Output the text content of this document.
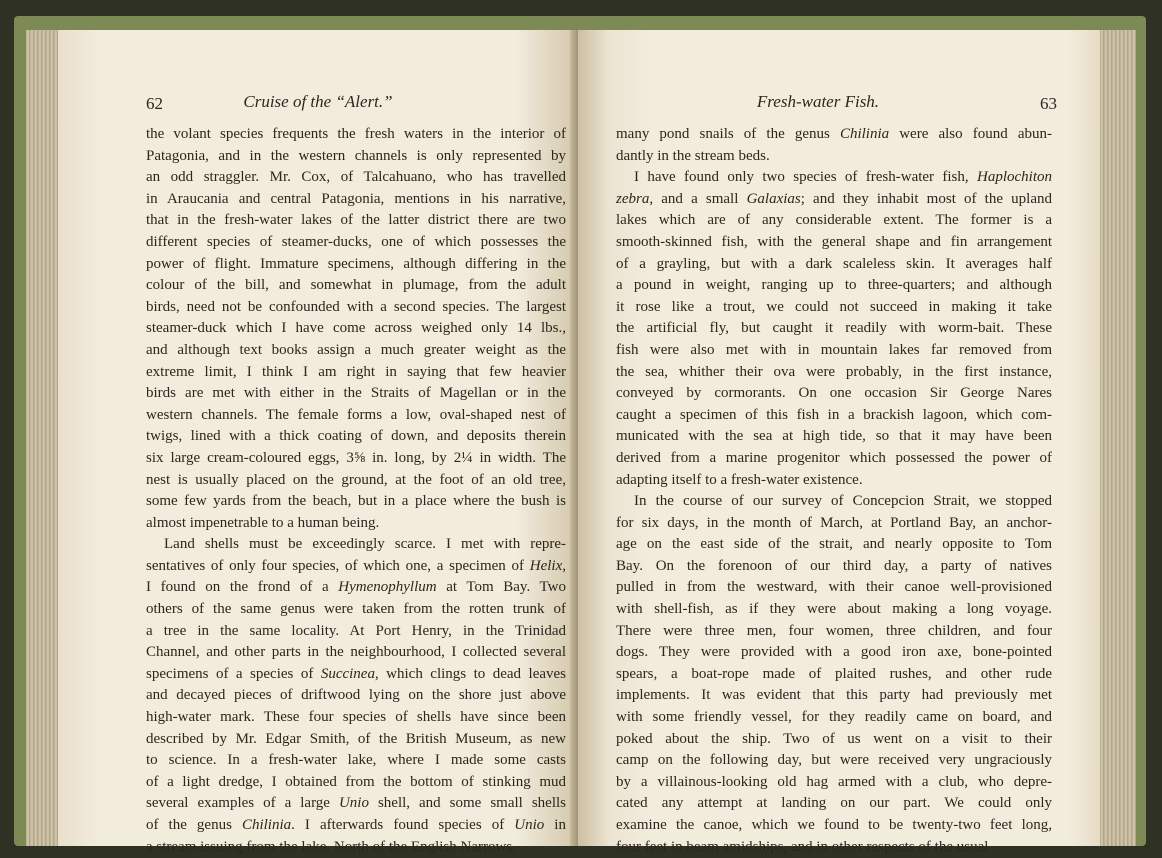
62	Cruise of the “Alert.”
the volant species frequents the fresh waters in the interior of
Patagonia, and in the western channels is only represented by
an odd straggler. Mr. Cox, of Talcahuano, who has travelled
in Araucania and central Patagonia, mentions in his narrative,
that in the fresh-water lakes of the latter district there are two
different species of steamer-ducks, one of which possesses the
power of flight. Immature specimens, although differing in the
colour of the bill, and somewhat in plumage, from the adult
birds, need not be confounded with a second species. The largest
steamer-duck which I have come across weighed only 14 lbs.,
and although text books assign a much greater weight as the
extreme limit, I think I am right in saying that few heavier
birds are met with either in the Straits of Magellan or in the
western channels. The female forms a low, oval-shaped nest of
twigs, lined with a thick coating of down, and deposits therein
six large cream-coloured eggs, 3⅝ in. long, by 2¼ in width. The
nest is usually placed on the ground, at the foot of an old tree,
some few yards from the beach, but in a place where the bush is
almost impenetrable to a human being.
Land shells must be exceedingly scarce. I met with repre-
sentatives of only four species, of which one, a specimen of Helix,
I found on the frond of a Hymenophyllum at Tom Bay. Two
others of the same genus were taken from the rotten trunk of
a tree in the same locality. At Port Henry, in the Trinidad
Channel, and other parts in the neighbourhood, I collected several
specimens of a species of Succinea, which clings to dead leaves
and decayed pieces of driftwood lying on the shore just above
high-water mark. These four species of shells have since been
described by Mr. Edgar Smith, of the British Museum, as new
to science. In a fresh-water lake, where I made some casts
of a light dredge, I obtained from the bottom of stinking mud
several examples of a large Unio shell, and some small shells
of the genus Chilinia. I afterwards found species of Unio in
a stream issuing from the lake. North of the English Narrows,
Fresh-water Fish.	63
many pond snails of the genus Chilinia were also found abun-
dantly in the stream beds.
I have found only two species of fresh-water fish, Haplochiton
zebra, and a small Galaxias; and they inhabit most of the upland
lakes which are of any considerable extent. The former is a
smooth-skinned fish, with the general shape and fin arrangement
of a grayling, but with a dark scaleless skin. It averages half
a pound in weight, ranging up to three-quarters; and although
it rose like a trout, we could not succeed in making it take
the artificial fly, but caught it readily with worm-bait. These
fish were also met with in mountain lakes far removed from
the sea, whither their ova were probably, in the first instance,
conveyed by cormorants. On one occasion Sir George Nares
caught a specimen of this fish in a brackish lagoon, which com-
municated with the sea at high tide, so that it may have been
derived from a marine progenitor which possessed the power of
adapting itself to a fresh-water existence.
In the course of our survey of Concepcion Strait, we stopped
for six days, in the month of March, at Portland Bay, an anchor-
age on the east side of the strait, and nearly opposite to Tom
Bay. On the forenoon of our third day, a party of natives
pulled in from the westward, with their canoe well-provisioned
with shell-fish, as if they were about making a long voyage.
There were three men, four women, three children, and four
dogs. They were provided with a good iron axe, bone-pointed
spears, a boat-rope made of plaited rushes, and other rude
implements. It was evident that this party had previously met
with some friendly vessel, for they readily came on board, and
poked about the ship. Two of us went on a visit to their
camp on the following day, but were received very ungraciously
by a villainous-looking old hag armed with a club, who depre-
cated any attempt at landing on our part. We could only
examine the canoe, which we found to be twenty-two feet long,
four feet in beam amidships, and in other respects of the usual
